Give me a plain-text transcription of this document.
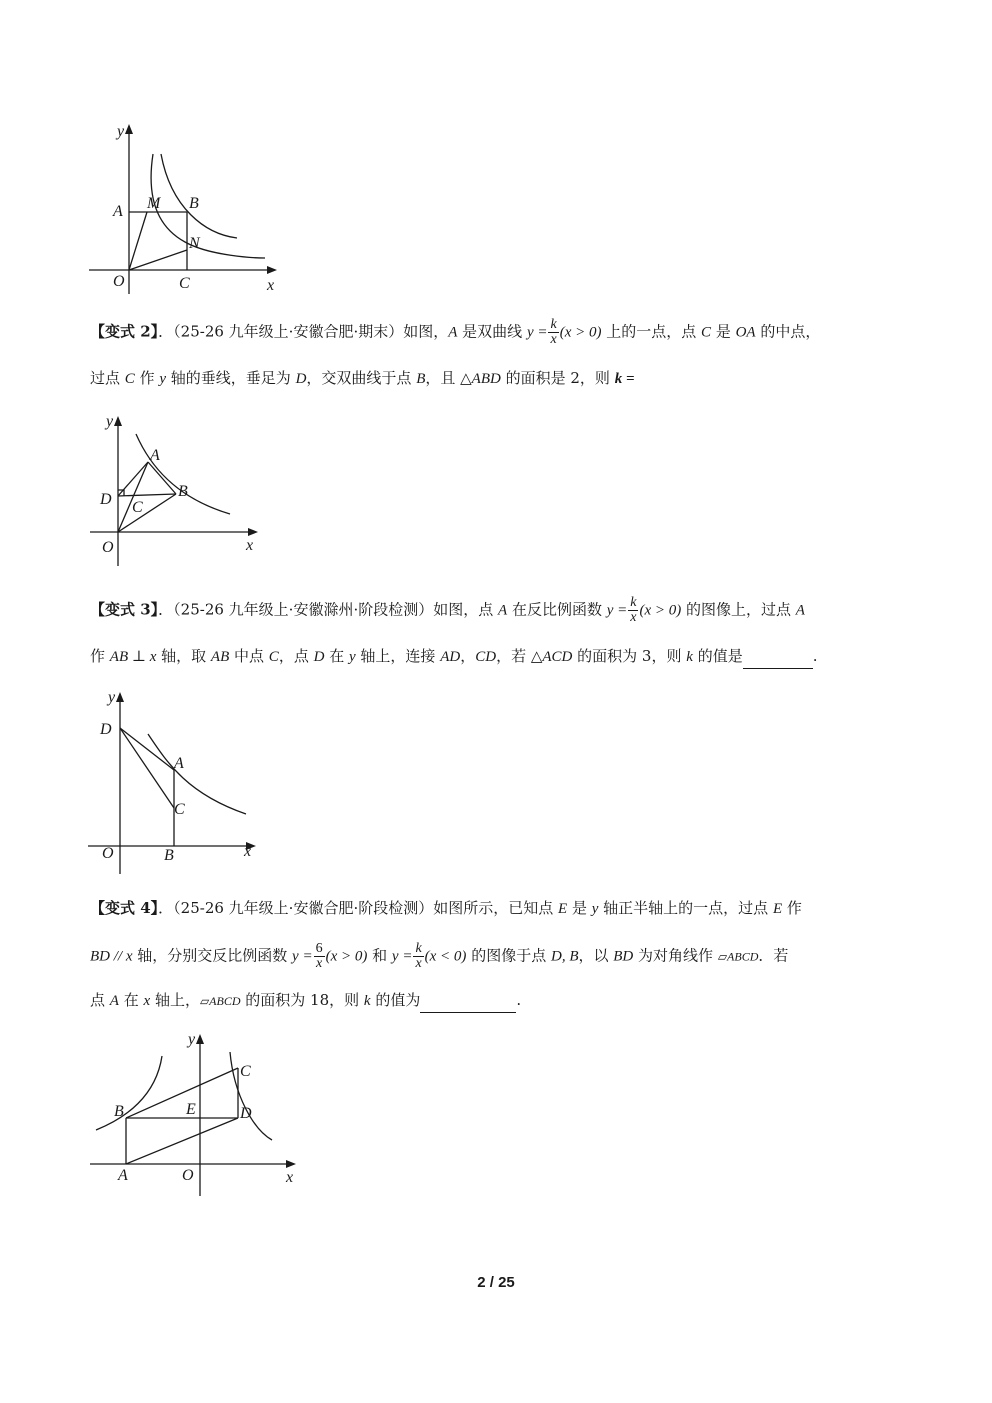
y
A M B
N
O	C	x
【变式 2】．（25-26 九年级上·安徽合肥·期末）如图，A 是双曲线 $y = \frac{k}{x} (x > 0)$ 上的一点，点 C 是 OA 的中点，
过点 C 作 y 轴的垂线，垂足为 D，交双曲线于点 B，且 △ABD 的面积是 2，则 k =
y
A
D	B
C
O	x
【变式 3】．（25-26 九年级上·安徽滁州·阶段检测）如图，点 A 在反比例函数 $y = \frac{k}{x} (x > 0)$ 的图像上，过点 A
作 AB ⊥ x 轴，取 AB 中点 C，点 D 在 y 轴上，连接 AD，CD，若 △ACD 的面积为 3，则 k 的值是	.
y
D
A
C
O	B	x
【变式 4】．（25-26 九年级上·安徽合肥·阶段检测）如图所示，已知点 E 是 y 轴正半轴上的一点，过点 E 作
BD // x 轴，分别交反比例函数 $y = \frac{6}{x} (x > 0)$ 和 $y = \frac{k}{x} (x < 0)$ 的图像于点 D, B，以 BD 为对角线作 ▱ABCD．若
点 A 在 x 轴上，▱ABCD 的面积为 18，则 k 的值为	.
y
C
B	E	D
A	O	x
2 / 25
